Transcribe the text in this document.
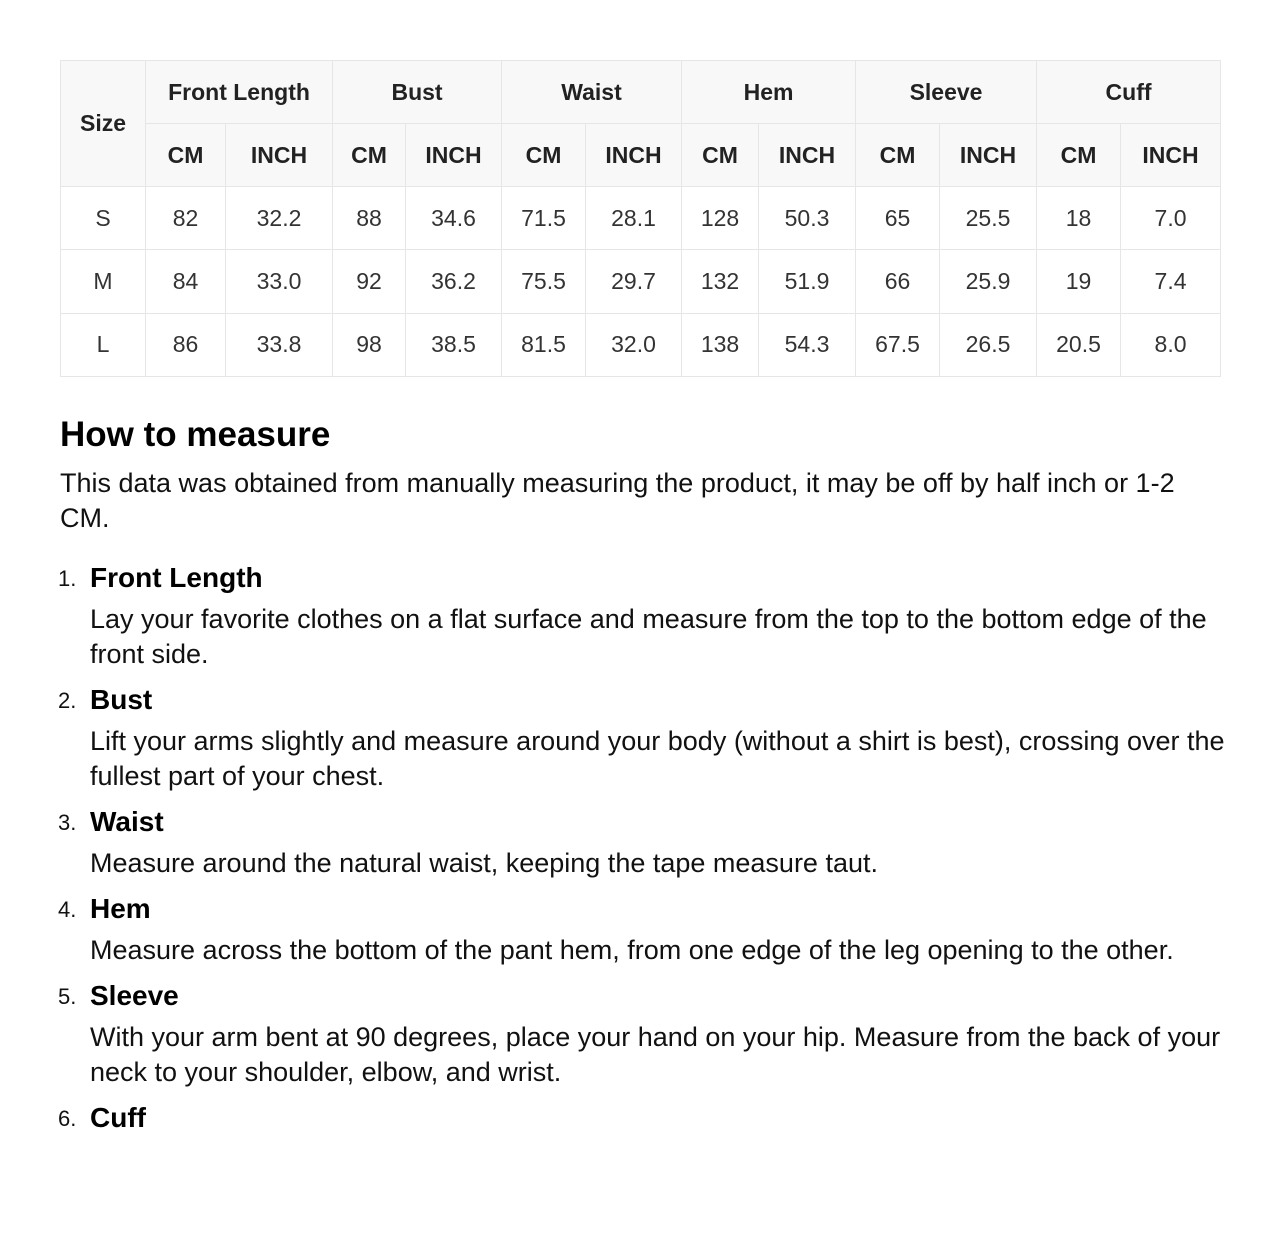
Size	Front Length		Bust		Waist		Hem		Sleeve		Cuff	
	CM	INCH	CM	INCH	CM	INCH	CM	INCH	CM	INCH	CM	INCH
S	82	32.2	88	34.6	71.5	28.1	128	50.3	65	25.5	18	7.0
M	84	33.0	92	36.2	75.5	29.7	132	51.9	66	25.9	19	7.4
L	86	33.8	98	38.5	81.5	32.0	138	54.3	67.5	26.5	20.5	8.0
How to measure

This data was obtained from manually measuring the product, it may be off by half inch or 1-2 CM.

1. Front Length
Lay your favorite clothes on a flat surface and measure from the top to the bottom edge of the front side.
2. Bust
Lift your arms slightly and measure around your body (without a shirt is best), crossing over the fullest part of your chest.
3. Waist
Measure around the natural waist, keeping the tape measure taut.
4. Hem
Measure across the bottom of the pant hem, from one edge of the leg opening to the other.
5. Sleeve
With your arm bent at 90 degrees, place your hand on your hip. Measure from the back of your neck to your shoulder, elbow, and wrist.
6. Cuff
